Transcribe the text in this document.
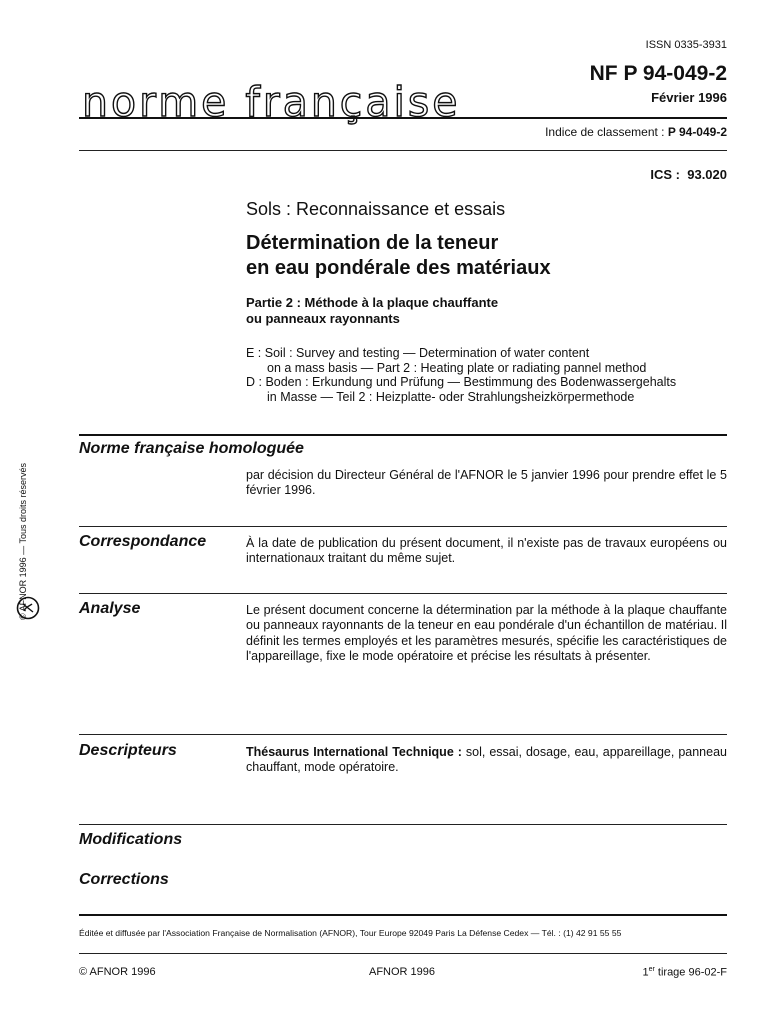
ISSN 0335-3931
norme française
NF P 94-049-2
Février 1996
Indice de classement : P 94-049-2
ICS : 93.020
Sols : Reconnaissance et essais
Détermination de la teneur
en eau pondérale des matériaux
Partie 2 : Méthode à la plaque chauffante
ou panneaux rayonnants
E : Soil : Survey and testing — Determination of water content
on a mass basis — Part 2 : Heating plate or radiating pannel method
D : Boden : Erkundung und Prüfung — Bestimmung des Bodenwassergehalts
in Masse — Teil 2 : Heizplatte- oder Strahlungsheizkörpermethode
© AFNOR 1996 — Tous droits réservés
Norme française homologuée
par décision du Directeur Général de l'AFNOR le 5 janvier 1996 pour prendre effet le 5 février 1996.
Correspondance	À la date de publication du présent document, il n'existe pas de travaux européens ou internationaux traitant du même sujet.
Analyse	Le présent document concerne la détermination par la méthode à la plaque chauffante ou panneaux rayonnants de la teneur en eau pondérale d'un échantillon de matériau. Il définit les termes employés et les paramètres mesurés, spécifie les caractéristiques de l'appareillage, fixe le mode opératoire et précise les résultats à présenter.
Descripteurs	Thésaurus International Technique : sol, essai, dosage, eau, appareillage, panneau chauffant, mode opératoire.
Modifications
Corrections
Éditée et diffusée par l'Association Française de Normalisation (AFNOR), Tour Europe 92049 Paris La Défense Cedex — Tél. : (1) 42 91 55 55
© AFNOR 1996	AFNOR 1996	1er tirage 96-02-F
